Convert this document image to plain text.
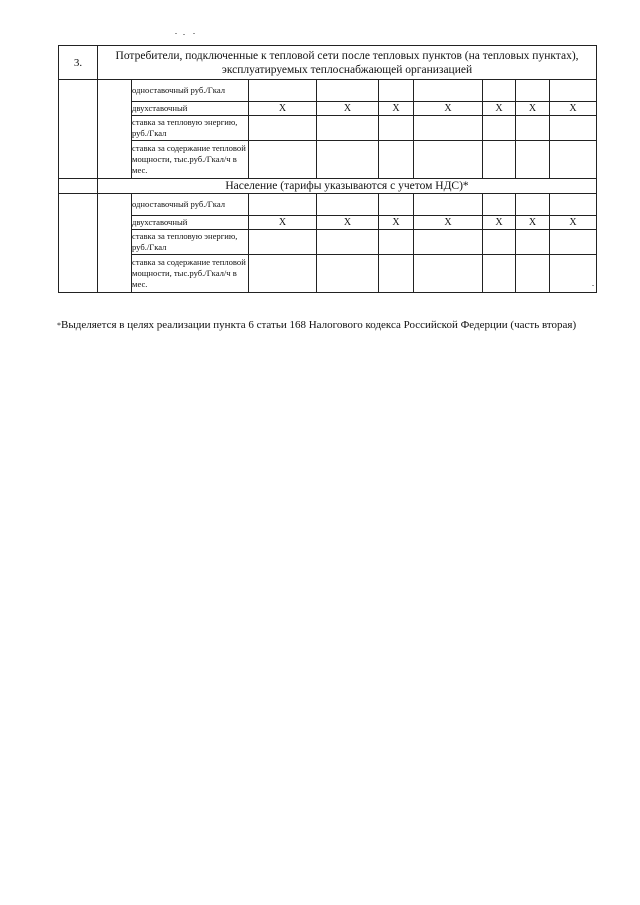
3.	Потребители, подключенные к тепловой сети после тепловых пунктов (на тепловых пунктах), эксплуатируемых теплоснабжающей организацией								
		одноставочный руб./Гкал							
		двухставочный	Х	Х	Х	Х	Х	Х	Х
		ставка за тепловую энергию, руб./Гкал							
		ставка за содержание тепловой мощности, тыс.руб./Гкал/ч в мес.							
	Население (тарифы указываются с учетом НДС)*								
		одноставочный руб./Гкал							
		двухставочный	Х	Х	Х	Х	Х	Х	Х
		ставка за тепловую энергию, руб./Гкал							
		ставка за содержание тепловой мощности, тыс.руб./Гкал/ч в мес.							

*Выделяется в целях реализации пункта 6 статьи 168 Налогового кодекса Российской Федерции (часть вторая)
